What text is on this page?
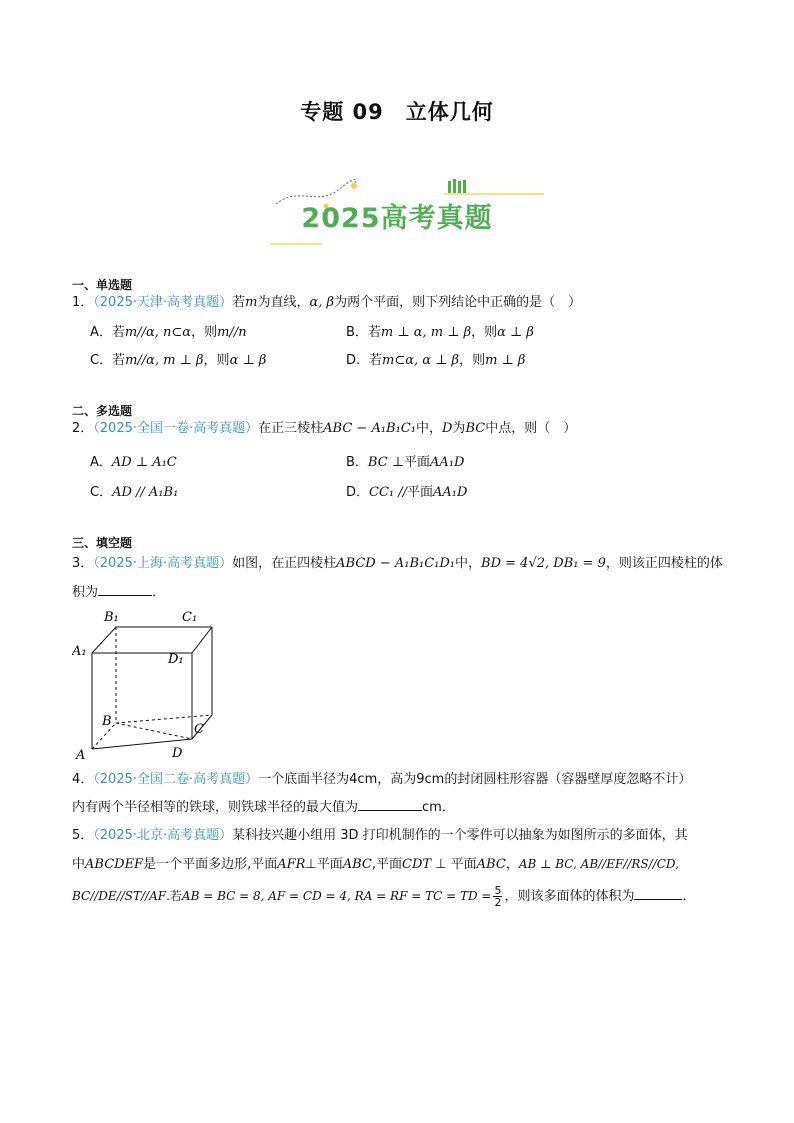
专题 09　立体几何
2025高考真题
一、单选题
1．（2025·天津·高考真题）若m为直线，α, β为两个平面，则下列结论中正确的是（　）
A．若m//α, n⊂α，则m//n	B．若m ⊥ α, m ⊥ β，则α ⊥ β
C．若m//α, m ⊥ β，则α ⊥ β	D．若m⊂α, α ⊥ β，则m ⊥ β
二、多选题
2．（2025·全国一卷·高考真题）在正三棱柱ABC − A₁B₁C₁中，D为BC中点，则（　）
A．AD ⊥ A₁C	B．BC ⊥平面AA₁D
C．AD // A₁B₁	D．CC₁ //平面AA₁D
三、填空题
3．（2025·上海·高考真题）如图，在正四棱柱ABCD − A₁B₁C₁D₁中，BD = 4√2, DB₁ = 9，则该正四棱柱的体
积为	．
B₁	C₁
A₁
D₁
B
C
A	D
4．（2025·全国二卷·高考真题）一个底面半径为4cm，高为9cm的封闭圆柱形容器（容器壁厚度忽略不计）
内有两个半径相等的铁球，则铁球半径的最大值为	cm．
5．（2025·北京·高考真题）某科技兴趣小组用 3D 打印机制作的一个零件可以抽象为如图所示的多面体，其
中ABCDEF是一个平面多边形,平面AFR⊥平面ABC,平面CDT ⊥ 平面ABC，AB ⊥ BC, AB//EF//RS//CD,
BC//DE//ST//AF.若AB = BC = 8, AF = CD = 4, RA = RF = TC = TD = $\frac{5}{2}$ ，则该多面体的体积为	．
